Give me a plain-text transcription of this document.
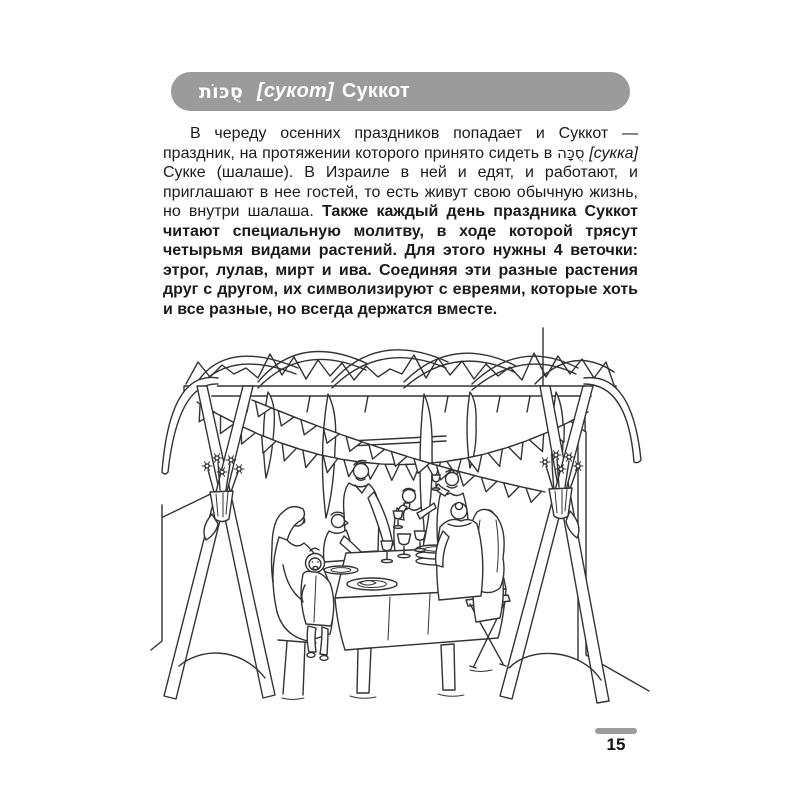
סֻכּוֹת [сукот] Суккот

В череду осенних праздников попадает и Суккот — праздник, на протяжении которого принято сидеть в סֻכָּה [сукка] Сукке (шалаше). В Израиле в ней и едят, и работают, и приглашают в нее гостей, то есть живут свою обычную жизнь, но внутри шалаша. Также каждый день праздника Суккот читают специальную молитву, в ходе которой трясут четырьмя видами растений. Для этого нужны 4 веточки: этрог, лулав, мирт и ива. Соединяя эти разные растения друг с другом, их символизируют с евреями, которые хоть и все разные, но всегда держатся вместе.

15
